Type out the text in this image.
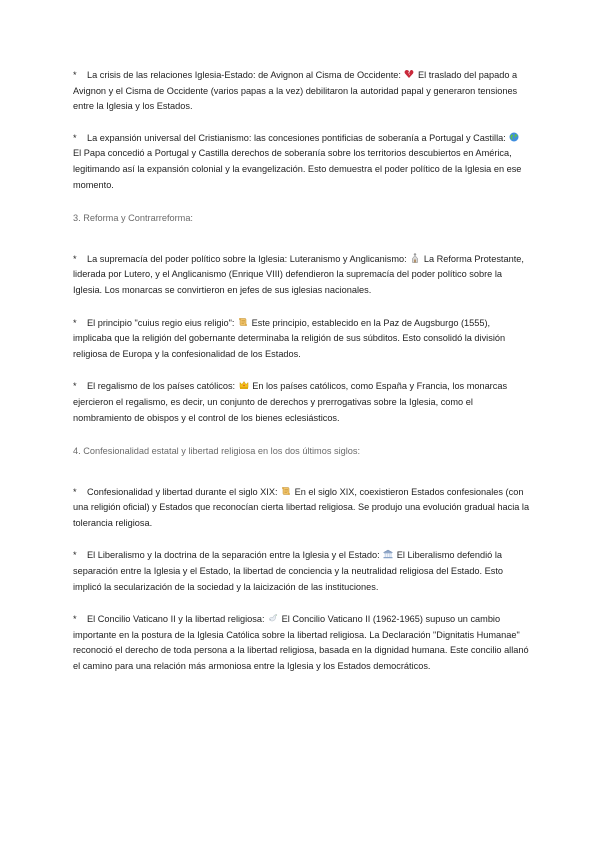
* La crisis de las relaciones Iglesia-Estado: de Avignon al Cisma de Occidente: El traslado del papado a Avignon y el Cisma de Occidente (varios papas a la vez) debilitaron la autoridad papal y generaron tensiones entre la Iglesia y los Estados.

* La expansión universal del Cristianismo: las concesiones pontificias de soberanía a Portugal y Castilla:
El Papa concedió a Portugal y Castilla derechos de soberanía sobre los territorios descubiertos en América, legitimando así la expansión colonial y la evangelización. Esto demuestra el poder político de la Iglesia en ese momento.

3. Reforma y Contrarreforma:

* La supremacía del poder político sobre la Iglesia: Luteranismo y Anglicanismo: La Reforma Protestante, liderada por Lutero, y el Anglicanismo (Enrique VIII) defendieron la supremacía del poder político sobre la Iglesia. Los monarcas se convirtieron en jefes de sus iglesias nacionales.

* El principio "cuius regio eius religio": Este principio, establecido en la Paz de Augsburgo (1555), implicaba que la religión del gobernante determinaba la religión de sus súbditos. Esto consolidó la división religiosa de Europa y la confesionalidad de los Estados.

* El regalismo de los países católicos: En los países católicos, como España y Francia, los monarcas ejercieron el regalismo, es decir, un conjunto de derechos y prerrogativas sobre la Iglesia, como el nombramiento de obispos y el control de los bienes eclesiásticos.

4. Confesionalidad estatal y libertad religiosa en los dos últimos siglos:

* Confesionalidad y libertad durante el siglo XIX: En el siglo XIX, coexistieron Estados confesionales (con una religión oficial) y Estados que reconocían cierta libertad religiosa. Se produjo una evolución gradual hacia la tolerancia religiosa.

* El Liberalismo y la doctrina de la separación entre la Iglesia y el Estado: El Liberalismo defendió la separación entre la Iglesia y el Estado, la libertad de conciencia y la neutralidad religiosa del Estado. Esto implicó la secularización de la sociedad y la laicización de las instituciones.

* El Concilio Vaticano II y la libertad religiosa: El Concilio Vaticano II (1962-1965) supuso un cambio importante en la postura de la Iglesia Católica sobre la libertad religiosa. La Declaración "Dignitatis Humanae" reconoció el derecho de toda persona a la libertad religiosa, basada en la dignidad humana. Este concilio allanó el camino para una relación más armoniosa entre la Iglesia y los Estados democráticos.
